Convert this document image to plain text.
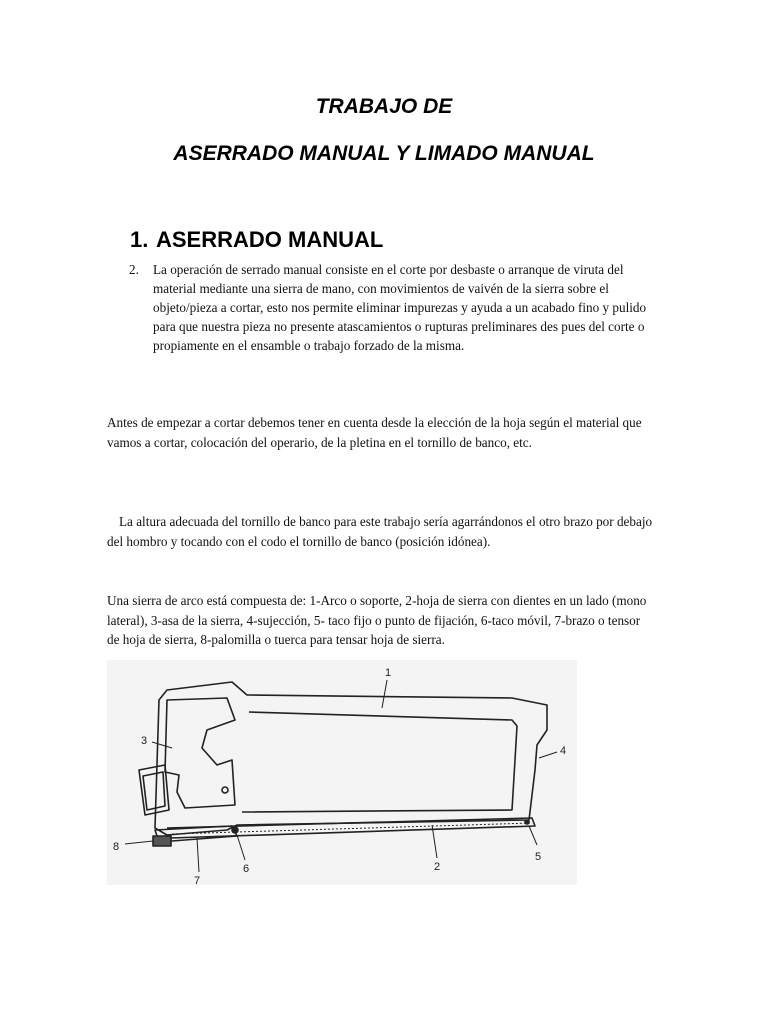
TRABAJO DE
ASERRADO MANUAL Y LIMADO MANUAL
1. ASERRADO MANUAL
2. La operación de serrado manual consiste en el corte por desbaste o arranque de viruta del material mediante una sierra de mano, con movimientos de vaivén de la sierra sobre el objeto/pieza a cortar, esto nos permite eliminar impurezas y ayuda a un acabado fino y pulido para que nuestra pieza no presente atascamientos o rupturas preliminares des pues del corte o propiamente en el ensamble o trabajo forzado de la misma.
Antes de empezar a cortar debemos tener en cuenta desde la elección de la hoja según el material que vamos a cortar, colocación del operario, de la pletina en el tornillo de banco, etc.
La altura adecuada del tornillo de banco para este trabajo sería agarrándonos el otro brazo por debajo del hombro y tocando con el codo el tornillo de banco (posición idónea).
Una sierra de arco está compuesta de: 1-Arco o soporte, 2-hoja de sierra con dientes en un lado (mono lateral), 3-asa de la sierra, 4-sujección, 5- taco fijo o punto de fijación, 6-taco móvil, 7-brazo o tensor de hoja de sierra, 8-palomilla o tuerca para tensar hoja de sierra.
1
2
3
4
5
6
7
8
